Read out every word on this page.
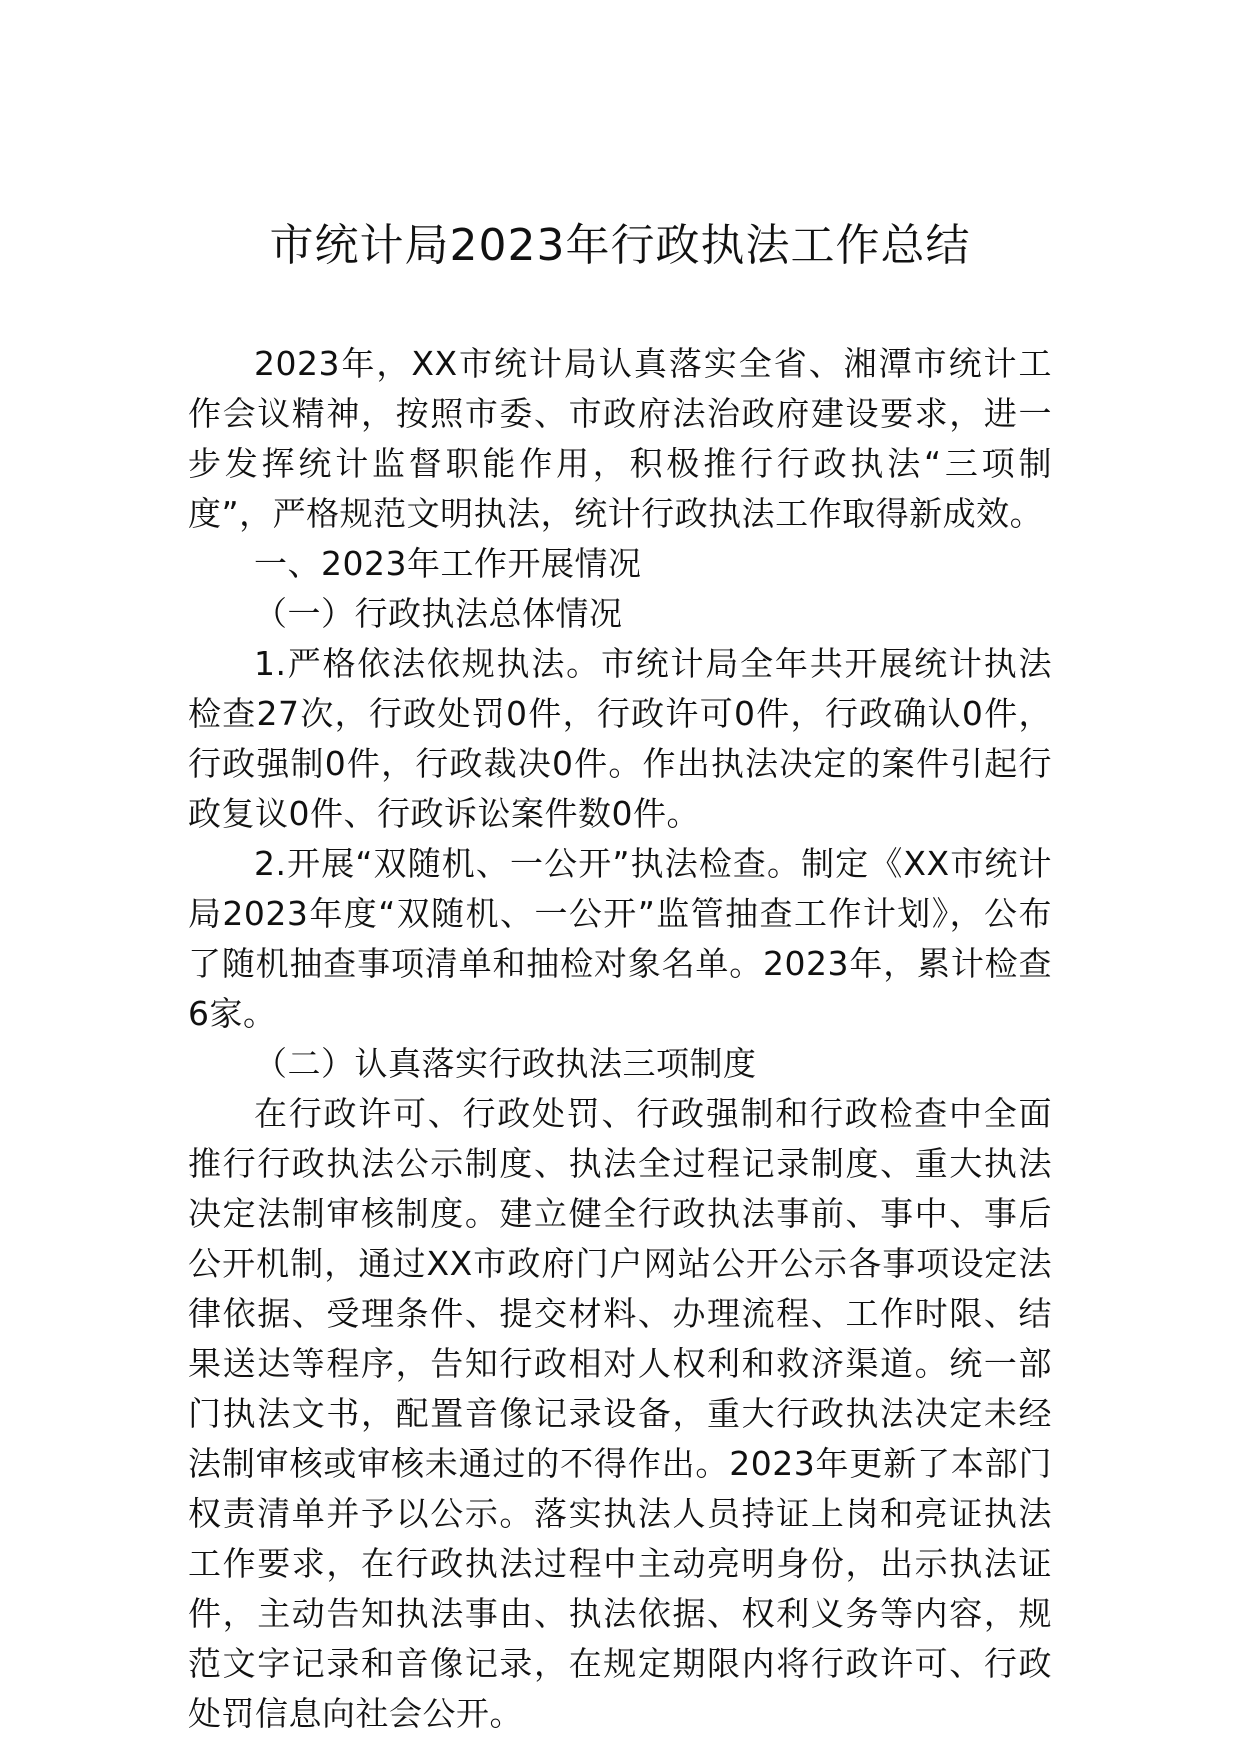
市统计局2023年行政执法工作总结

2023年，XX市统计局认真落实全省、湘潭市统计工作会议精神，按照市委、市政府法治政府建设要求，进一步发挥统计监督职能作用，积极推行行政执法“三项制度”，严格规范文明执法，统计行政执法工作取得新成效。

一、2023年工作开展情况

（一）行政执法总体情况

1.严格依法依规执法。市统计局全年共开展统计执法检查27次，行政处罚0件，行政许可0件，行政确认0件，行政强制0件，行政裁决0件。作出执法决定的案件引起行政复议0件、行政诉讼案件数0件。

2.开展“双随机、一公开”执法检查。制定《XX市统计局2023年度“双随机、一公开”监管抽查工作计划》，公布了随机抽查事项清单和抽检对象名单。2023年，累计检查6家。

（二）认真落实行政执法三项制度

在行政许可、行政处罚、行政强制和行政检查中全面推行行政执法公示制度、执法全过程记录制度、重大执法决定法制审核制度。建立健全行政执法事前、事中、事后公开机制，通过XX市政府门户网站公开公示各事项设定法律依据、受理条件、提交材料、办理流程、工作时限、结果送达等程序，告知行政相对人权利和救济渠道。统一部门执法文书，配置音像记录设备，重大行政执法决定未经法制审核或审核未通过的不得作出。2023年更新了本部门权责清单并予以公示。落实执法人员持证上岗和亮证执法工作要求，在行政执法过程中主动亮明身份，出示执法证件，主动告知执法事由、执法依据、权利义务等内容，规范文字记录和音像记录，在规定期限内将行政许可、行政处罚信息向社会公开。
